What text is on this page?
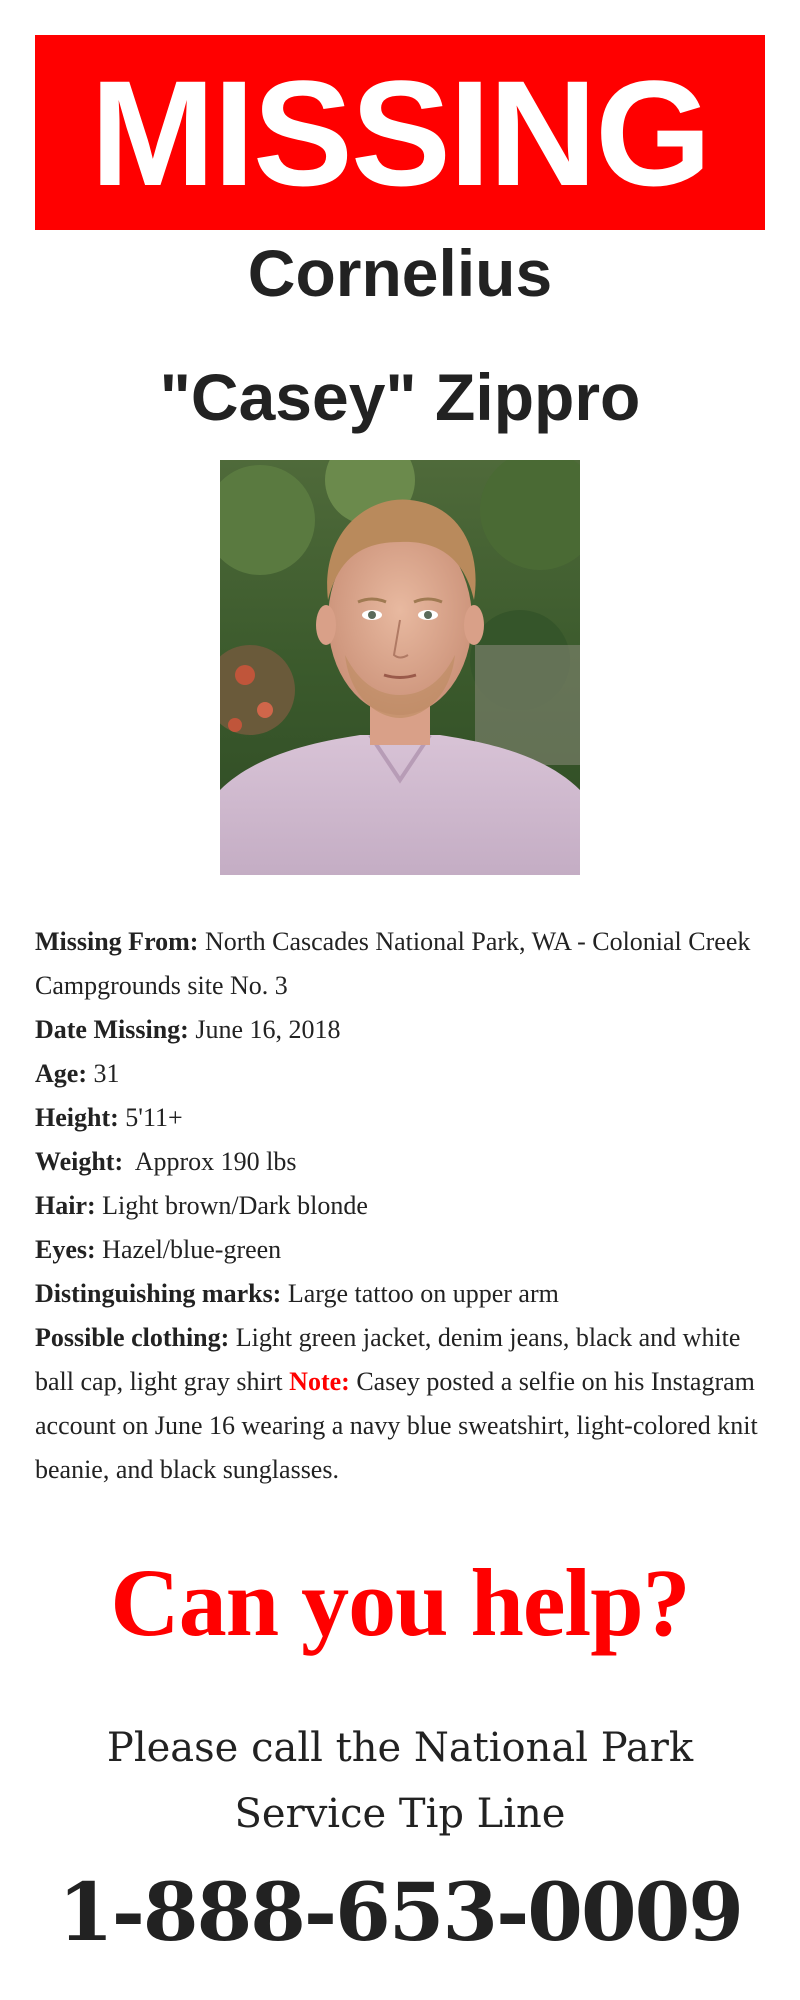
MISSING
Cornelius
"Casey" Zippro

Missing From: North Cascades National Park, WA - Colonial Creek Campgrounds site No. 3

Date Missing: June 16, 2018

Age: 31

Height: 5'11+

Weight: Approx 190 lbs

Hair: Light brown/Dark blonde

Eyes: Hazel/blue-green

Distinguishing marks: Large tattoo on upper arm

Possible clothing: Light green jacket, denim jeans, black and white ball cap, light gray shirt Note: Casey posted a selfie on his Instagram account on June 16 wearing a navy blue sweatshirt, light-colored knit beanie, and black sunglasses.

Can you help?
Please call the National Park
Service Tip Line
1-888-653-0009
